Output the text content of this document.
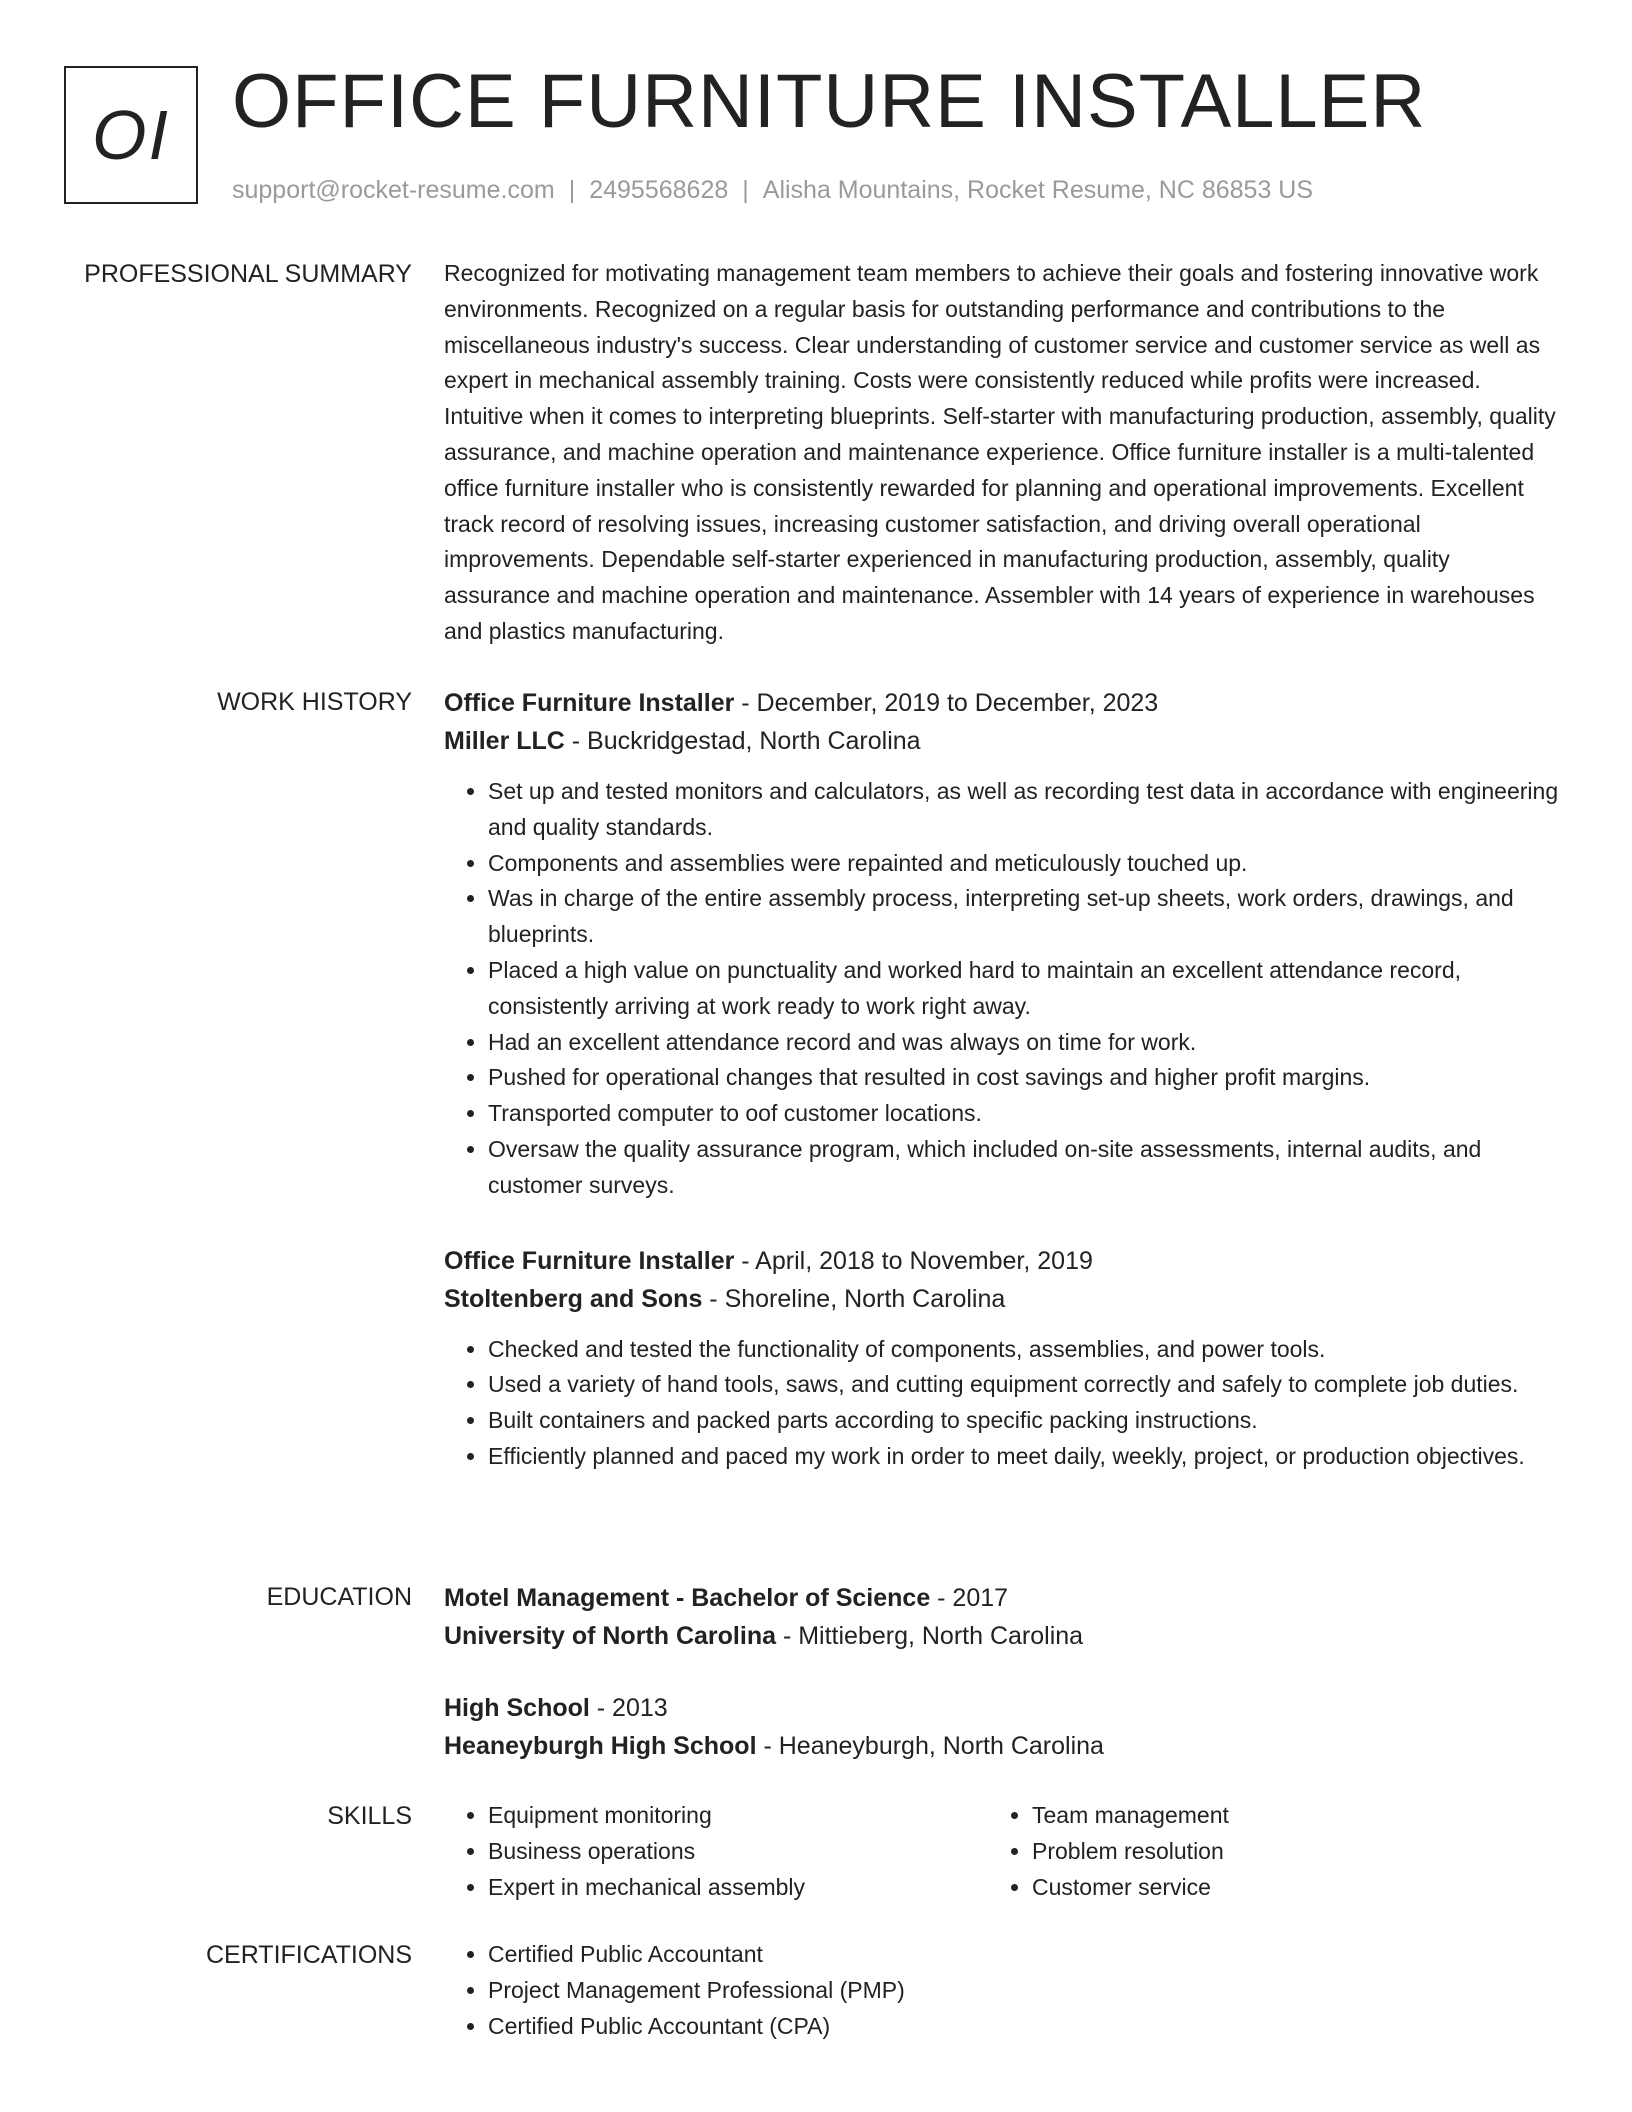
OI OFFICE FURNITURE INSTALLER
support@rocket-resume.com | 2495568628 | Alisha Mountains, Rocket Resume, NC 86853 US
PROFESSIONAL SUMMARY Recognized for motivating management team members to achieve their goals and fostering innovative work environments. Recognized on a regular basis for outstanding performance and contributions to the miscellaneous industry's success. Clear understanding of customer service and customer service as well as expert in mechanical assembly training. Costs were consistently reduced while profits were increased. Intuitive when it comes to interpreting blueprints. Self-starter with manufacturing production, assembly, quality assurance, and machine operation and maintenance experience. Office furniture installer is a multi-talented office furniture installer who is consistently rewarded for planning and operational improvements. Excellent track record of resolving issues, increasing customer satisfaction, and driving overall operational improvements. Dependable self-starter experienced in manufacturing production, assembly, quality assurance and machine operation and maintenance. Assembler with 14 years of experience in warehouses and plastics manufacturing.

WORK HISTORY Office Furniture Installer - December, 2019 to December, 2023
Miller LLC - Buckridgestad, North Carolina
• Set up and tested monitors and calculators, as well as recording test data in accordance with engineering and quality standards.
• Components and assemblies were repainted and meticulously touched up.
• Was in charge of the entire assembly process, interpreting set-up sheets, work orders, drawings, and blueprints.
• Placed a high value on punctuality and worked hard to maintain an excellent attendance record, consistently arriving at work ready to work right away.
• Had an excellent attendance record and was always on time for work.
• Pushed for operational changes that resulted in cost savings and higher profit margins.
• Transported computer to oof customer locations.
• Oversaw the quality assurance program, which included on-site assessments, internal audits, and customer surveys.
Office Furniture Installer - April, 2018 to November, 2019
Stoltenberg and Sons - Shoreline, North Carolina
• Checked and tested the functionality of components, assemblies, and power tools.
• Used a variety of hand tools, saws, and cutting equipment correctly and safely to complete job duties.
• Built containers and packed parts according to specific packing instructions.
• Efficiently planned and paced my work in order to meet daily, weekly, project, or production objectives.
EDUCATION Motel Management - Bachelor of Science - 2017
University of North Carolina - Mittieberg, North Carolina
High School - 2013
Heaneyburgh High School - Heaneyburgh, North Carolina
SKILLS	• Equipment monitoring
• Business operations
• Expert in mechanical assembly
• Team management
• Problem resolution
• Customer service
CERTIFICATIONS	• Certified Public Accountant
• Project Management Professional (PMP)
• Certified Public Accountant (CPA)
